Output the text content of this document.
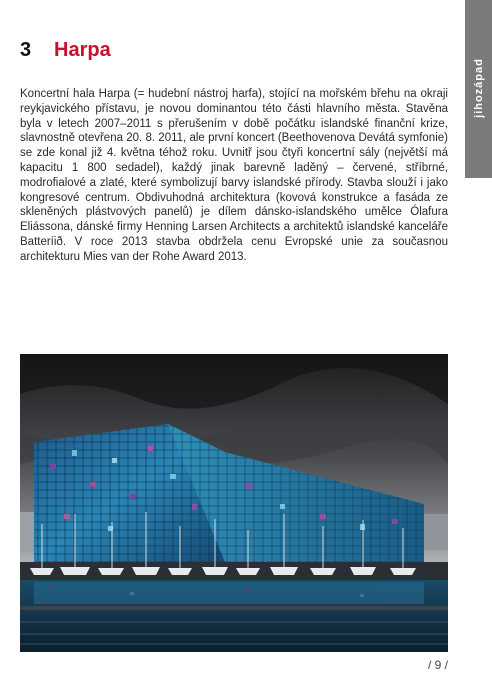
jihozápad
3 Harpa
Koncertní hala Harpa (= hudební nástroj harfa), stojící na mořském břehu na okraji reykjavického přístavu, je novou dominantou této části hlavního města. Stavěna byla v letech 2007–2011 s přerušením v době počátku islandské finanční krize, slavnostně otevřena 20. 8. 2011, ale první koncert (Beethovenova Devátá symfonie) se zde konal již 4. května téhož roku. Uvnitř jsou čtyři koncertní sály (největší má kapacitu 1 800 sedadel), každý jinak barevně laděný – červené, stříbrné, modrofialové a zlaté, které symbolizují barvy islandské přírody. Stavba slouží i jako kongresové centrum. Obdivuhodná architektura (kovová konstrukce a fasáda ze skleněných plástvových panelů) je dílem dánsko-islandského umělce Ólafura Eliássona, dánské firmy Henning Larsen Architects a architektů islandské kanceláře Batteríið. V roce 2013 stavba obdržela cenu Evropské unie za současnou architekturu Mies van der Rohe Award 2013.
/ 9 /
